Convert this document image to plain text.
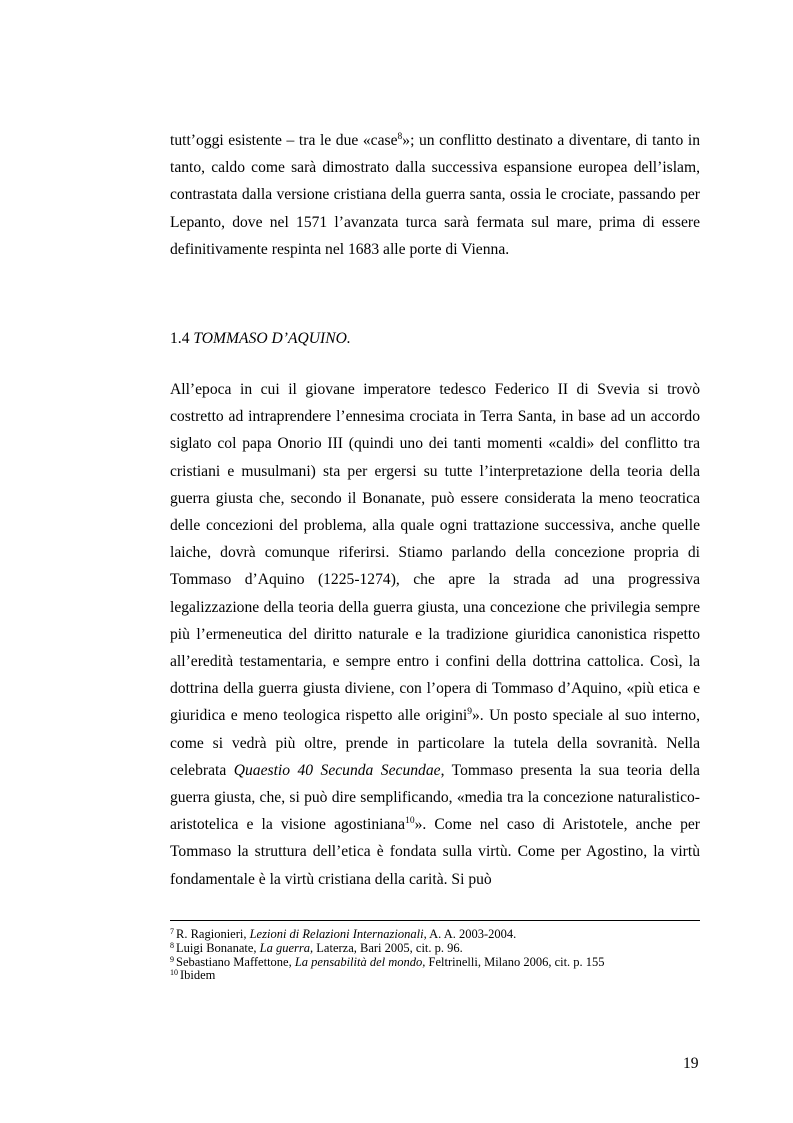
tutt’oggi esistente – tra le due «case$^8$»; un conflitto destinato a diventare, di tanto in tanto, caldo come sarà dimostrato dalla successiva espansione europea dell’islam, contrastata dalla versione cristiana della guerra santa, ossia le crociate, passando per Lepanto, dove nel 1571 l’avanzata turca sarà fermata sul mare, prima di essere definitivamente respinta nel 1683 alle porte di Vienna.
1.4 TOMMASO D’AQUINO.
All’epoca in cui il giovane imperatore tedesco Federico II di Svevia si trovò costretto ad intraprendere l’ennesima crociata in Terra Santa, in base ad un accordo siglato col papa Onorio III (quindi uno dei tanti momenti «caldi» del conflitto tra cristiani e musulmani) sta per ergersi su tutte l’interpretazione della teoria della guerra giusta che, secondo il Bonanate, può essere considerata la meno teocratica delle concezioni del problema, alla quale ogni trattazione successiva, anche quelle laiche, dovrà comunque riferirsi. Stiamo parlando della concezione propria di Tommaso d’Aquino (1225-1274), che apre la strada ad una progressiva legalizzazione della teoria della guerra giusta, una concezione che privilegia sempre più l’ermeneutica del diritto naturale e la tradizione giuridica canonistica rispetto all’eredità testamentaria, e sempre entro i confini della dottrina cattolica. Così, la dottrina della guerra giusta diviene, con l’opera di Tommaso d’Aquino, «più etica e giuridica e meno teologica rispetto alle origini$^9$». Un posto speciale al suo interno, come si vedrà più oltre, prende in particolare la tutela della sovranità. Nella celebrata Quaestio 40 Secunda Secundae, Tommaso presenta la sua teoria della guerra giusta, che, si può dire semplificando, «media tra la concezione naturalistico-aristotelica e la visione agostiniana$^{10}$». Come nel caso di Aristotele, anche per Tommaso la struttura dell’etica è fondata sulla virtù. Come per Agostino, la virtù fondamentale è la virtù cristiana della carità. Si può
$^7$ R. Ragionieri, Lezioni di Relazioni Internazionali, A. A. 2003-2004.
$^8$ Luigi Bonanate, La guerra, Laterza, Bari 2005, cit. p. 96.
$^9$ Sebastiano Maffettone, La pensabilità del mondo, Feltrinelli, Milano 2006, cit. p. 155
$^{10}$ Ibidem
19
